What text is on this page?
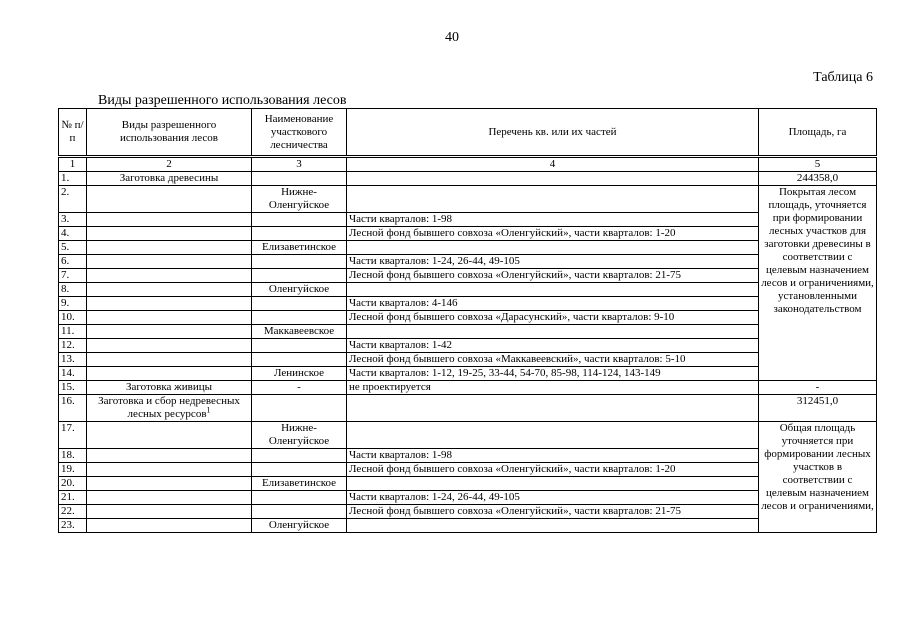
40
Таблица 6
Виды разрешенного использования лесов
№ п/п	Виды разрешенного использования лесов	Наименование участкового лесничества	Перечень кв. или их частей	Площадь, га
1	2	3	4	5
1.	Заготовка древесины			244358,0
2.		Нижне-Оленгуйское		Покрытая лесом площадь, уточняется при формировании лесных участков для заготовки древесины в соответствии с целевым назначением лесов и ограничениями, установленными законодательством
3.			Части кварталов: 1-98	
4.			Лесной фонд бывшего совхоза «Оленгуйский», части кварталов: 1-20	
5.		Елизаветинское		
6.			Части кварталов: 1-24, 26-44, 49-105	
7.			Лесной фонд бывшего совхоза «Оленгуйский», части кварталов: 21-75	
8.		Оленгуйское		
9.			Части кварталов: 4-146	
10.			Лесной фонд бывшего совхоза «Дарасунский», части кварталов: 9-10	
11.		Маккавеевское		
12.			Части кварталов: 1-42	
13.			Лесной фонд бывшего совхоза «Маккавеевский», части кварталов: 5-10	
14.		Ленинское	Части кварталов: 1-12, 19-25, 33-44, 54-70, 85-98, 114-124, 143-149	
15.	Заготовка живицы	-	не проектируется	-
16.	Заготовка и сбор недревесных лесных ресурсов$^1$			312451,0
17.		Нижне-Оленгуйское		Общая площадь уточняется при формировании лесных участков в соответствии с целевым назначением лесов и ограничениями,
18.			Части кварталов: 1-98	
19.			Лесной фонд бывшего совхоза «Оленгуйский», части кварталов: 1-20	
20.		Елизаветинское		
21.			Части кварталов: 1-24, 26-44, 49-105	
22.			Лесной фонд бывшего совхоза «Оленгуйский», части кварталов: 21-75	
23.		Оленгуйское		
